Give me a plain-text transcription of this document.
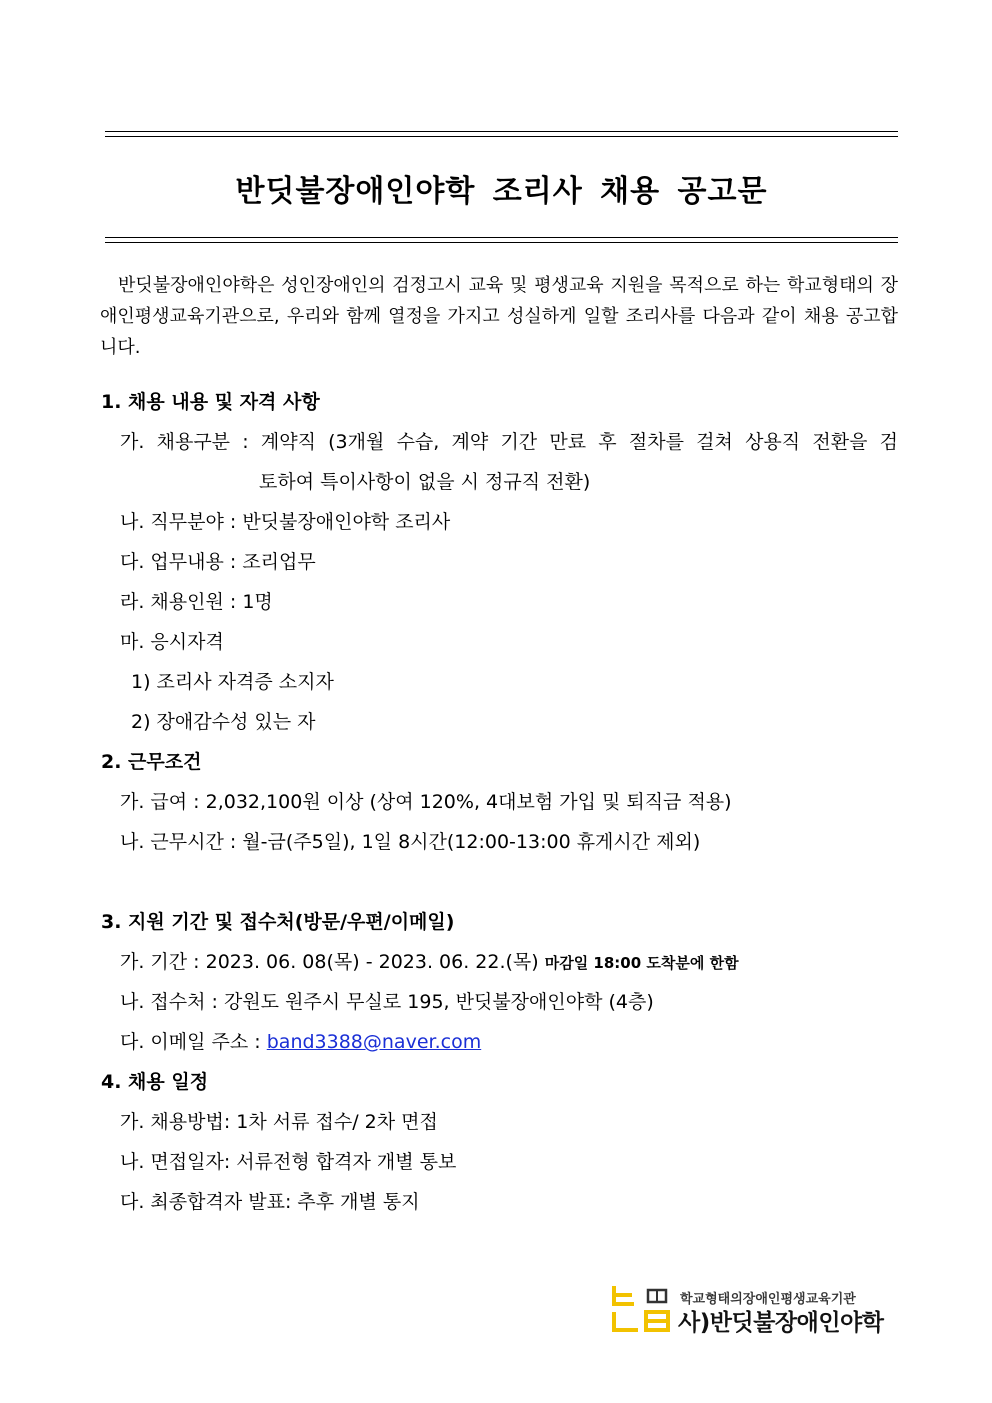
반딧불장애인야학 조리사 채용 공고문
반딧불장애인야학은 성인장애인의 검정고시 교육 및 평생교육 지원을 목적으로 하는 학교형태의 장애인평생교육기관으로, 우리와 함께 열정을 가지고 성실하게 일할 조리사를 다음과 같이 채용 공고합니다.
1. 채용 내용 및 자격 사항
가. 채용구분 : 계약직 (3개월 수습, 계약 기간 만료 후 절차를 걸쳐 상용직 전환을 검
토하여 특이사항이 없을 시 정규직 전환)
나. 직무분야 : 반딧불장애인야학 조리사
다. 업무내용 : 조리업무
라. 채용인원 : 1명
마. 응시자격
1) 조리사 자격증 소지자
2) 장애감수성 있는 자
2. 근무조건
가. 급여 : 2,032,100원 이상 (상여 120%, 4대보험 가입 및 퇴직금 적용)
나. 근무시간 : 월-금(주5일), 1일 8시간(12:00-13:00 휴게시간 제외)
3. 지원 기간 및 접수처(방문/우편/이메일)
가. 기간 : 2023. 06. 08(목) - 2023. 06. 22.(목) 마감일 18:00 도착분에 한함
나. 접수처 : 강원도 원주시 무실로 195, 반딧불장애인야학 (4층)
다. 이메일 주소 : band3388@naver.com
4. 채용 일정
가. 채용방법: 1차 서류 접수/ 2차 면접
나. 면접일자: 서류전형 합격자 개별 통보
다. 최종합격자 발표: 추후 개별 통지
학교형태의장애인평생교육기관
사)반딧불장애인야학
